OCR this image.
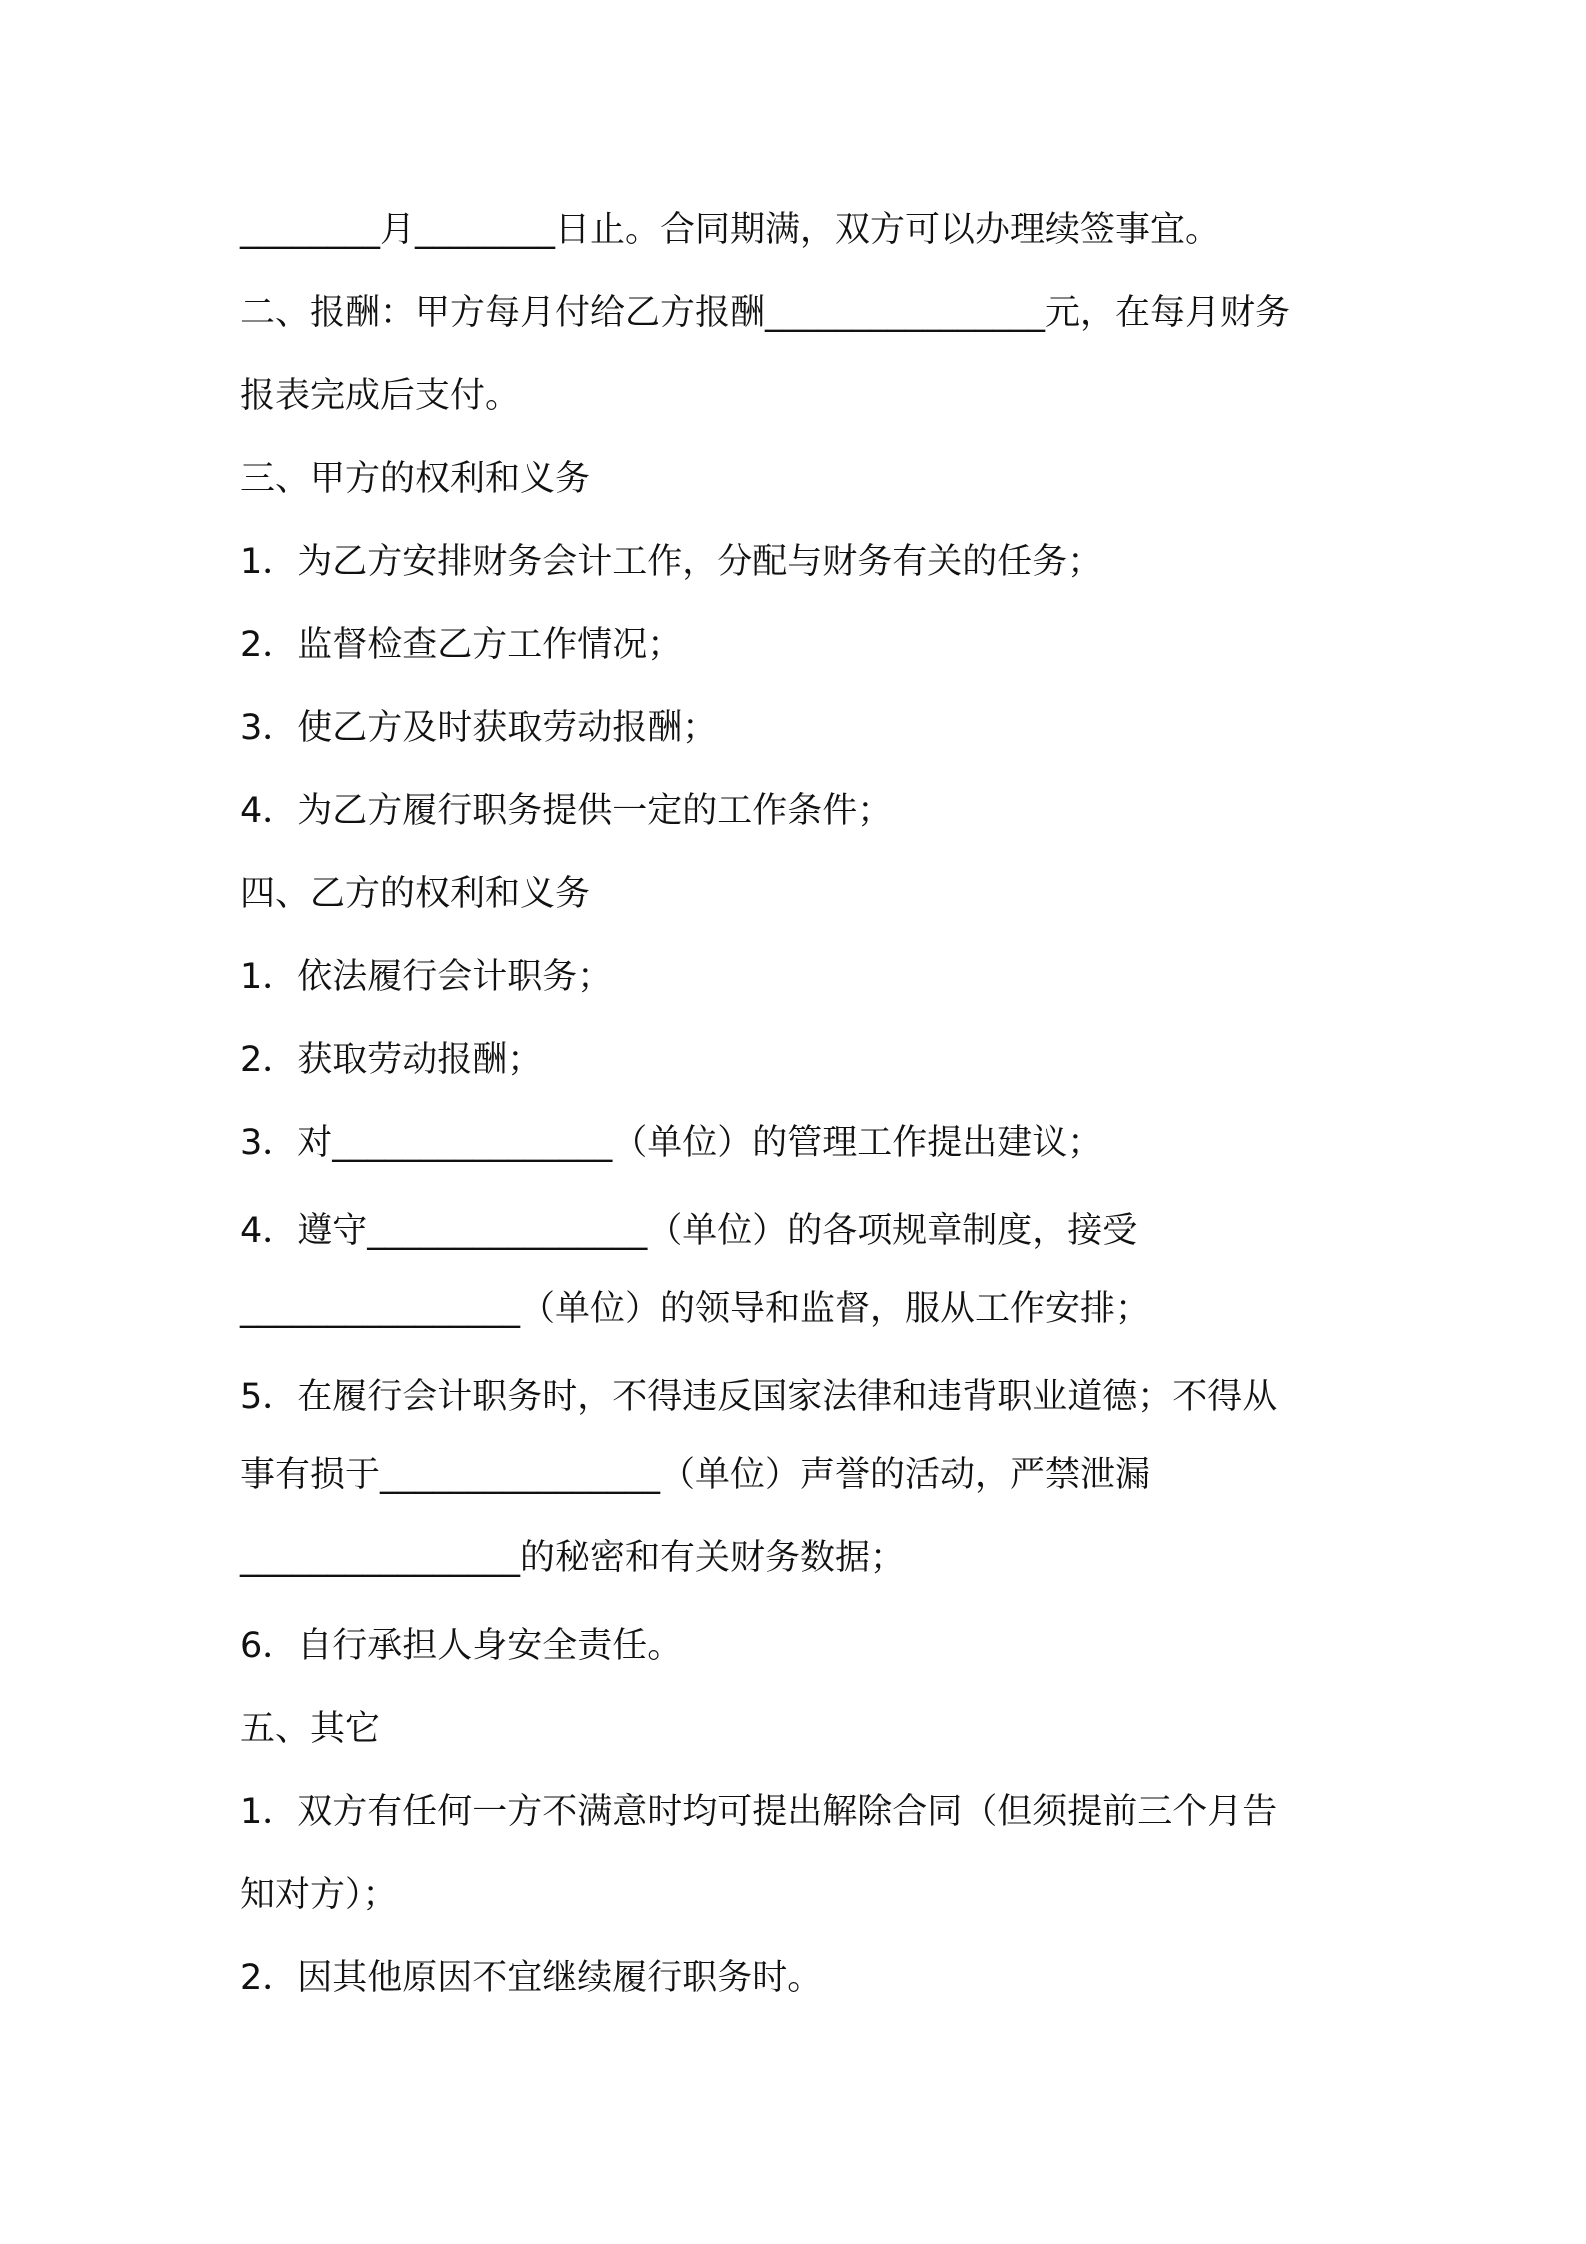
________月________日止。合同期满，双方可以办理续签事宜。
二、报酬：甲方每月付给乙方报酬________________元，在每月财务
报表完成后支付。
三、甲方的权利和义务
1．为乙方安排财务会计工作，分配与财务有关的任务；
2．监督检查乙方工作情况；
3．使乙方及时获取劳动报酬；
4．为乙方履行职务提供一定的工作条件；
四、乙方的权利和义务
1．依法履行会计职务；
2．获取劳动报酬；
3．对________________（单位）的管理工作提出建议；
4．遵守________________（单位）的各项规章制度，接受
________________（单位）的领导和监督，服从工作安排；
5．在履行会计职务时，不得违反国家法律和违背职业道德；不得从
事有损于________________（单位）声誉的活动，严禁泄漏
________________的秘密和有关财务数据；
6．自行承担人身安全责任。
五、其它
1．双方有任何一方不满意时均可提出解除合同（但须提前三个月告
知对方）；
2．因其他原因不宜继续履行职务时。
